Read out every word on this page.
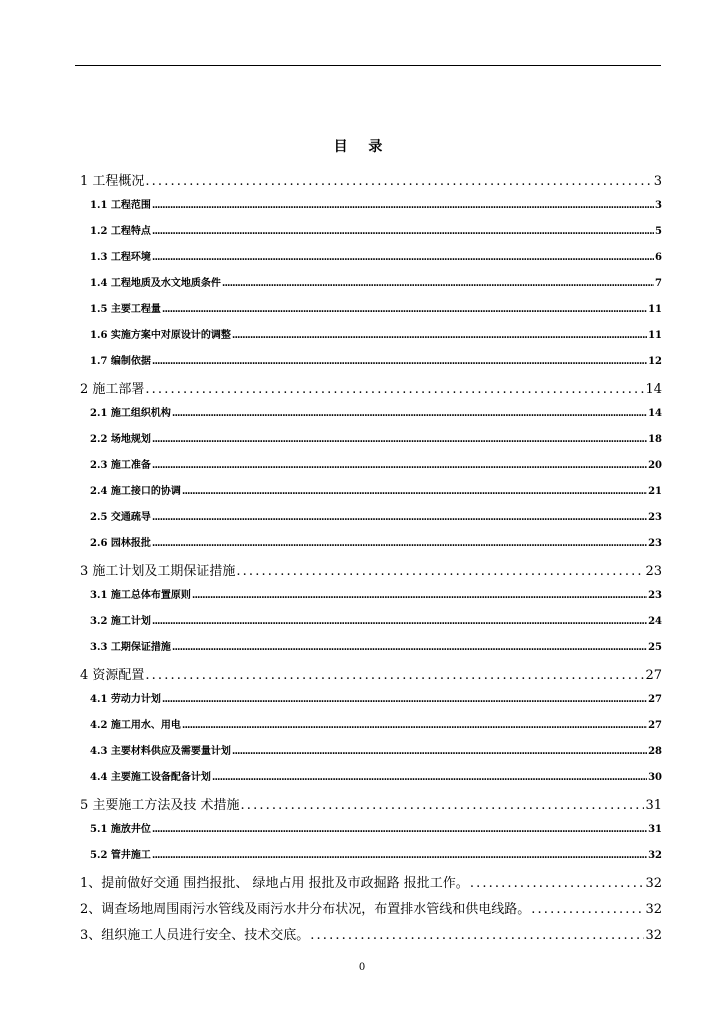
目 录
1 工程概况 . . .	3
1.1 工程范围 . . .	3
1.2 工程特点 . . .	5
1.3 工程环境 . . .	6
1.4 工程地质及水文地质条件 . . .	7
1.5 主要工程量 . . .	11
1.6 实施方案中对原设计的调整 . . .	11
1.7 编制依据 . . .	12
2 施工部署 . . .	14
2.1 施工组织机构 . . .	14
2.2 场地规划 . . .	18
2.3 施工准备 . . .	20
2.4 施工接口的协调 . . .	21
2.5 交通疏导 . . .	23
2.6 园林报批 . . .	23
3 施工计划及工期保证措施 . . .	23
3.1 施工总体布置原则 . . .	23
3.2 施工计划 . . .	24
3.3 工期保证措施 . . .	25
4 资源配置 . . .	27
4.1 劳动力计划 . . .	27
4.2 施工用水、用电 . . .	27
4.3 主要材料供应及需要量计划 . . .	28
4.4 主要施工设备配备计划 . . .	30
5 主要施工方法及技 术措施 . . .	31
5.1 施放井位 . . .	31
5.2 管井施工 . . .	32
1、提前做好交通 围挡报批、 绿地占用 报批及市政掘路 报批工作。 . . .	32
2、调查场地周围雨污水管线及雨污水井分布状况，布置排水管线和供电线路。 . . .	32
3、组织施工人员进行安全、技术交底。 . . .	32
0
